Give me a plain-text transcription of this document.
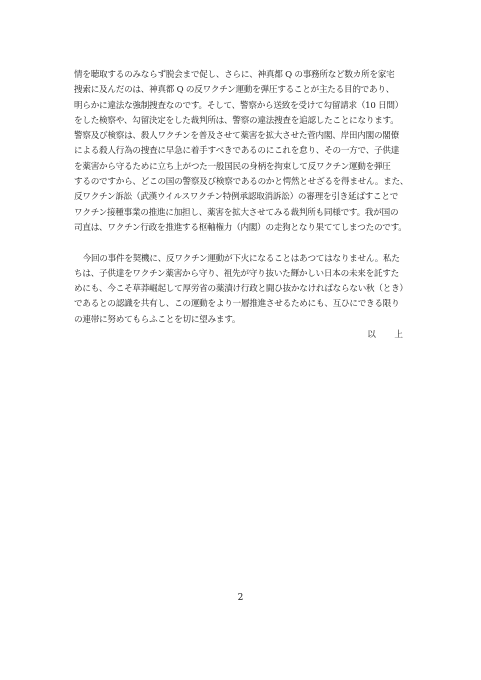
情を聴取するのみならず脱会まで促し、さらに、神真都 Q の事務所など数カ所を家宅
捜索に及んだのは、神真都 Q の反ワクチン運動を弾圧することが主たる目的であり、
明らかに違法な強制捜査なのです。そして、警察から送致を受けて勾留請求（10 日間）
をした検察や、勾留決定をした裁判所は、警察の違法捜査を追認したことになります。
警察及び検察は、殺人ワクチンを普及させて薬害を拡大させた菅内閣、岸田内閣の閣僚
による殺人行為の捜査に早急に着手すべきであるのにこれを怠り、その一方で、子供達
を薬害から守るために立ち上がつた一般国民の身柄を拘束して反ワクチン運動を弾圧
するのですから、どこの国の警察及び検察であるのかと愕然とせざるを得ません。また、
反ワクチン訴訟（武漢ウイルスワクチン特例承認取消訴訟）の審理を引き延ばすことで
ワクチン接種事業の推進に加担し、薬害を拡大させてみる裁判所も同様です。我が国の
司直は、ワクチン行政を推進する枢軸権力（内閣）の走狗となり果ててしまつたのです。
今回の事件を契機に、反ワクチン運動が下火になることはあつてはなりません。私た
ちは、子供達をワクチン薬害から守り、祖先が守り抜いた輝かしい日本の未来を託すた
めにも、今こそ草莽崛起して厚労省の薬漬け行政と闘ひ抜かなければならない秋（とき）
であるとの認識を共有し、この運動をより一層推進させるためにも、互ひにできる限り
の連帯に努めてもらふことを切に望みます。
以　上
2
